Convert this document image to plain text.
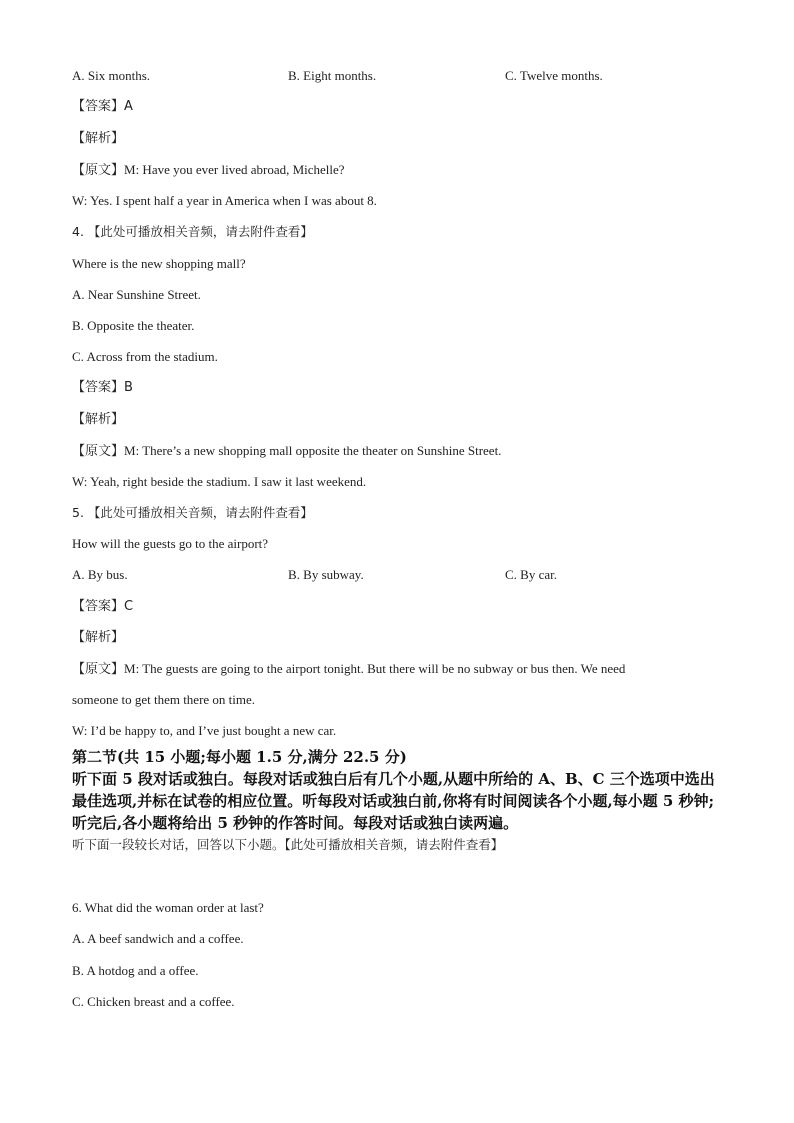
A. Six months.	B. Eight months.	C. Twelve months.
【答案】A
【解析】
【原文】M: Have you ever lived abroad, Michelle?
W: Yes. I spent half a year in America when I was about 8.
4. 【此处可播放相关音频，请去附件查看】
Where is the new shopping mall?
A. Near Sunshine Street.
B. Opposite the theater.
C. Across from the stadium.
【答案】B
【解析】
【原文】M: There’s a new shopping mall opposite the theater on Sunshine Street.
W: Yeah, right beside the stadium. I saw it last weekend.
5. 【此处可播放相关音频，请去附件查看】
How will the guests go to the airport?
A. By bus.	B. By subway.	C. By car.
【答案】C
【解析】
【原文】M: The guests are going to the airport tonight. But there will be no subway or bus then. We need
someone to get them there on time.
W: I’d be happy to, and I’ve just bought a new car.
第二节(共 15 小题;每小题 1.5 分,满分 22.5 分)
听下面 5 段对话或独白。每段对话或独白后有几个小题,从题中所给的 A、B、C 三个选项中选出最佳选项,并标在试卷的相应位置。听每段对话或独白前,你将有时间阅读各个小题,每小题 5 秒钟;听完后,各小题将给出 5 秒钟的作答时间。每段对话或独白读两遍。
听下面一段较长对话，回答以下小题。【此处可播放相关音频，请去附件查看】
6. What did the woman order at last?
A. A beef sandwich and a coffee.
B. A hotdog and a offee.
C. Chicken breast and a coffee.
